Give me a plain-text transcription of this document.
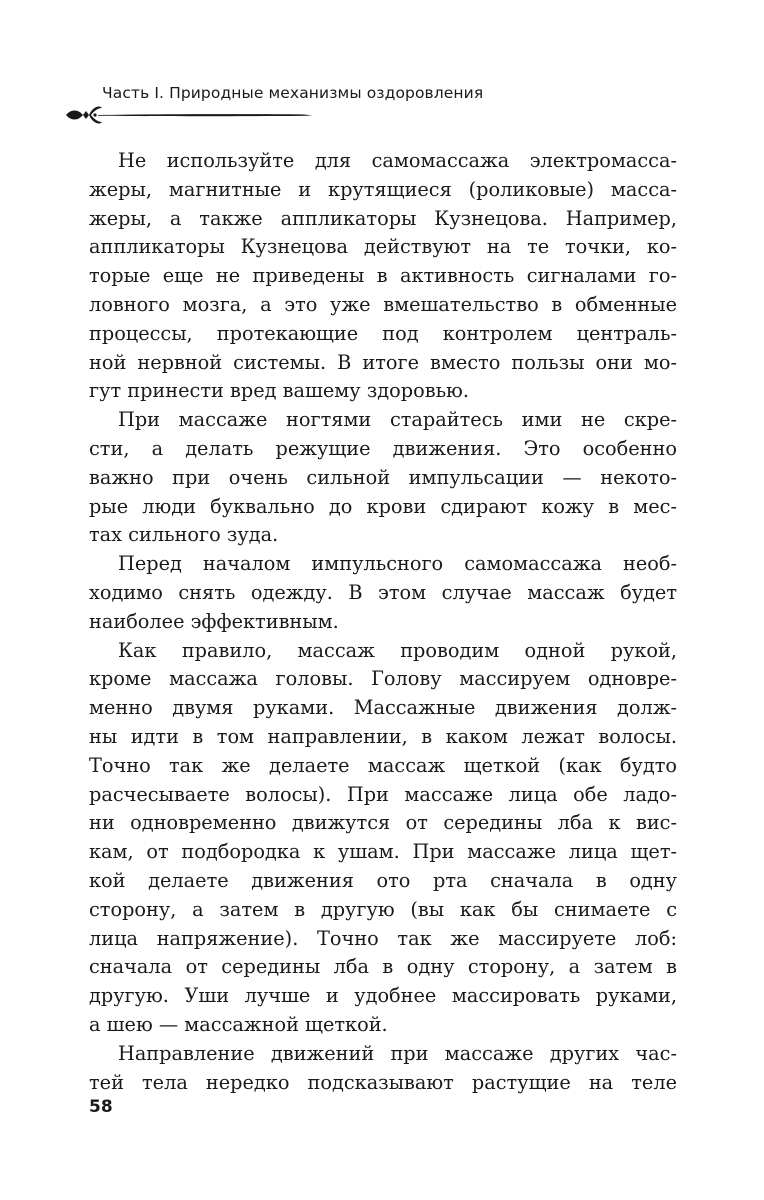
Часть I. Природные механизмы оздоровления

Не используйте для самомассажа электромасса-
жеры, магнитные и крутящиеся (роликовые) масса-
жеры, а также аппликаторы Кузнецова. Например,
аппликаторы Кузнецова действуют на те точки, ко-
торые еще не приведены в активность сигналами го-
ловного мозга, а это уже вмешательство в обменные
процессы, протекающие под контролем централь-
ной нервной системы. В итоге вместо пользы они мо-
гут принести вред вашему здоровью.

При массаже ногтями старайтесь ими не скре-
сти, а делать режущие движения. Это особенно
важно при очень сильной импульсации — некото-
рые люди буквально до крови сдирают кожу в мес-
тах сильного зуда.

Перед началом импульсного самомассажа необ-
ходимо снять одежду. В этом случае массаж будет
наиболее эффективным.

Как правило, массаж проводим одной рукой,
кроме массажа головы. Голову массируем одновре-
менно двумя руками. Массажные движения долж-
ны идти в том направлении, в каком лежат волосы.
Точно так же делаете массаж щеткой (как будто
расчесываете волосы). При массаже лица обе ладо-
ни одновременно движутся от середины лба к вис-
кам, от подбородка к ушам. При массаже лица щет-
кой делаете движения ото рта сначала в одну
сторону, а затем в другую (вы как бы снимаете с
лица напряжение). Точно так же массируете лоб:
сначала от середины лба в одну сторону, а затем в
другую. Уши лучше и удобнее массировать руками,
а шею — массажной щеткой.

Направление движений при массаже других час-
тей тела нередко подсказывают растущие на теле

58
